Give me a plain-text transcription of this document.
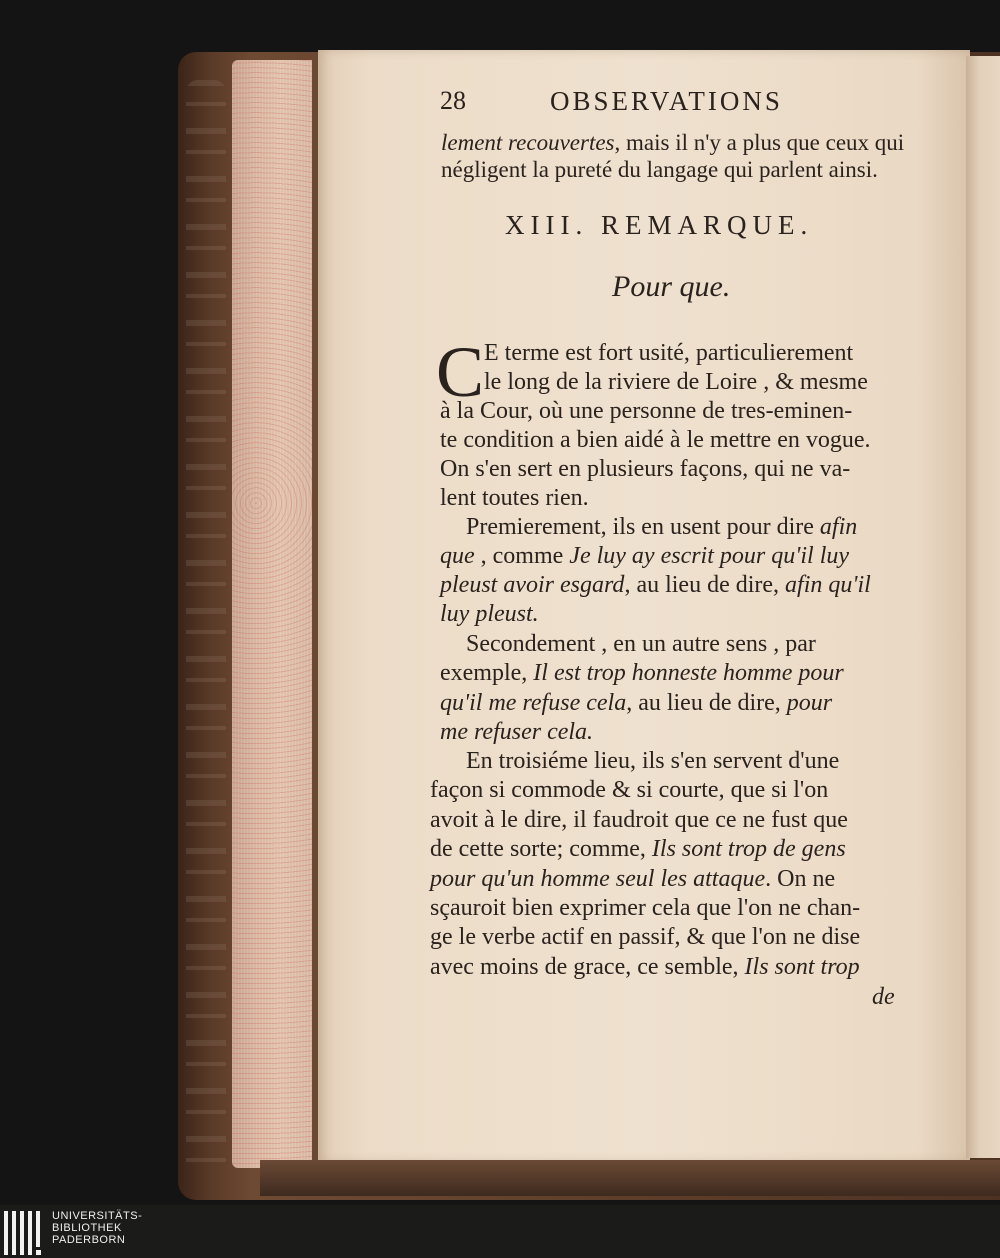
28	OBSERVATIONS
lement recouvertes, mais il n'y a plus que ceux qui
négligent la pureté du langage qui parlent ainsi.
XIII. REMARQUE.
Pour que.
C E terme est fort usité, particulierement
le long de la riviere de Loire , & mesme
à la Cour, où une personne de tres-eminen-
te condition a bien aidé à le mettre en vogue.
On s'en sert en plusieurs façons, qui ne va-
lent toutes rien.
Premierement, ils en usent pour dire afin
que , comme Je luy ay escrit pour qu'il luy
pleust avoir esgard, au lieu de dire, afin qu'il
luy pleust.
Secondement , en un autre sens , par
exemple, Il est trop honneste homme pour
qu'il me refuse cela, au lieu de dire, pour
me refuser cela.
En troisiéme lieu, ils s'en servent d'une
façon si commode & si courte, que si l'on
avoit à le dire, il faudroit que ce ne fust que
de cette sorte; comme, Ils sont trop de gens
pour qu'un homme seul les attaque. On ne
sçauroit bien exprimer cela que l'on ne chan-
ge le verbe actif en passif, & que l'on ne dise
avec moins de grace, ce semble, Ils sont trop
de
UNIVERSITÄTS-
BIBLIOTHEK
PADERBORN
